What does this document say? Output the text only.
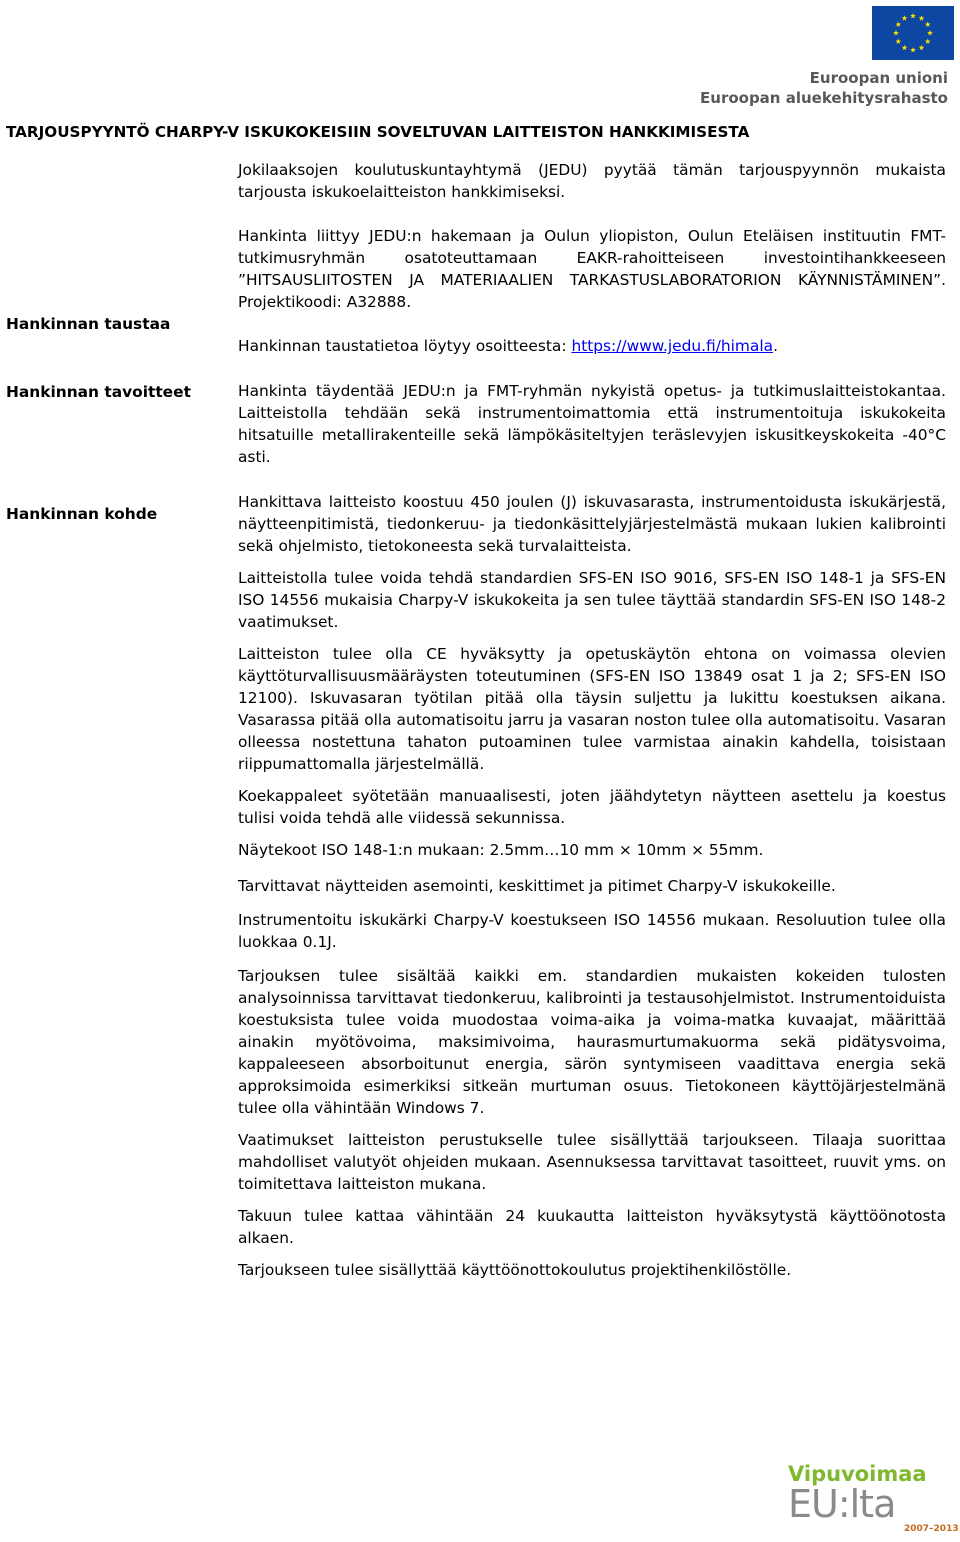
Euroopan unioni
Euroopan aluekehitysrahasto
TARJOUSPYYNTÖ CHARPY-V ISKUKOKEISIIN SOVELTUVAN LAITTEISTON HANKKIMISESTA
Hankinnan taustaa
Hankinnan tavoitteet
Hankinnan kohde

Jokilaaksojen koulutuskuntayhtymä (JEDU) pyytää tämän tarjouspyynnön mukaista tarjousta iskukoelaitteiston hankkimiseksi.

Hankinta liittyy JEDU:n hakemaan ja Oulun yliopiston, Oulun Eteläisen instituutin FMT-tutkimusryhmän osatoteuttamaan EAKR-rahoitteiseen investointihankkeeseen ”HITSAUSLIITOSTEN JA MATERIAALIEN TARKASTUSLABORATORION KÄYNNISTÄMINEN”. Projektikoodi: A32888.

Hankinnan taustatietoa löytyy osoitteesta: https://www.jedu.fi/himala.

Hankinta täydentää JEDU:n ja FMT-ryhmän nykyistä opetus- ja tutkimuslaitteistokantaa. Laitteistolla tehdään sekä instrumentoimattomia että instrumentoituja iskukokeita hitsatuille metallirakenteille sekä lämpökäsiteltyjen teräslevyjen iskusitkeyskokeita -40°C asti.

Hankittava laitteisto koostuu 450 joulen (J) iskuvasarasta, instrumentoidusta iskukärjestä, näytteenpitimistä, tiedonkeruu- ja tiedonkäsittelyjärjestelmästä mukaan lukien kalibrointi sekä ohjelmisto, tietokoneesta sekä turvalaitteista.

Laitteistolla tulee voida tehdä standardien SFS-EN ISO 9016, SFS-EN ISO 148-1 ja SFS-EN ISO 14556 mukaisia Charpy-V iskukokeita ja sen tulee täyttää standardin SFS-EN ISO 148-2 vaatimukset.

Laitteiston tulee olla CE hyväksytty ja opetuskäytön ehtona on voimassa olevien käyttöturvallisuusmääräysten toteutuminen (SFS-EN ISO 13849 osat 1 ja 2; SFS-EN ISO 12100). Iskuvasaran työtilan pitää olla täysin suljettu ja lukittu koestuksen aikana. Vasarassa pitää olla automatisoitu jarru ja vasaran noston tulee olla automatisoitu. Vasaran olleessa nostettuna tahaton putoaminen tulee varmistaa ainakin kahdella, toisistaan riippumattomalla järjestelmällä.

Koekappaleet syötetään manuaalisesti, joten jäähdytetyn näytteen asettelu ja koestus tulisi voida tehdä alle viidessä sekunnissa.

Näytekoot ISO 148-1:n mukaan: 2.5mm…10 mm × 10mm × 55mm.

Tarvittavat näytteiden asemointi, keskittimet ja pitimet Charpy-V iskukokeille.

Instrumentoitu iskukärki Charpy-V koestukseen ISO 14556 mukaan. Resoluution tulee olla luokkaa 0.1J.

Tarjouksen tulee sisältää kaikki em. standardien mukaisten kokeiden tulosten analysoinnissa tarvittavat tiedonkeruu, kalibrointi ja testausohjelmistot. Instrumentoiduista koestuksista tulee voida muodostaa voima-aika ja voima-matka kuvaajat, määrittää ainakin myötövoima, maksimivoima, haurasmurtumakuorma sekä pidätysvoima, kappaleeseen absorboitunut energia, särön syntymiseen vaadittava energia sekä approksimoida esimerkiksi sitkeän murtuman osuus. Tietokoneen käyttöjärjestelmänä tulee olla vähintään Windows 7.

Vaatimukset laitteiston perustukselle tulee sisällyttää tarjoukseen. Tilaaja suorittaa mahdolliset valutyöt ohjeiden mukaan. Asennuksessa tarvittavat tasoitteet, ruuvit yms. on toimitettava laitteiston mukana.

Takuun tulee kattaa vähintään 24 kuukautta laitteiston hyväksytystä käyttöönotosta alkaen.

Tarjoukseen tulee sisällyttää käyttöönottokoulutus projektihenkilöstölle.

Vipuvoimaa
EU:lta
2007–2013
